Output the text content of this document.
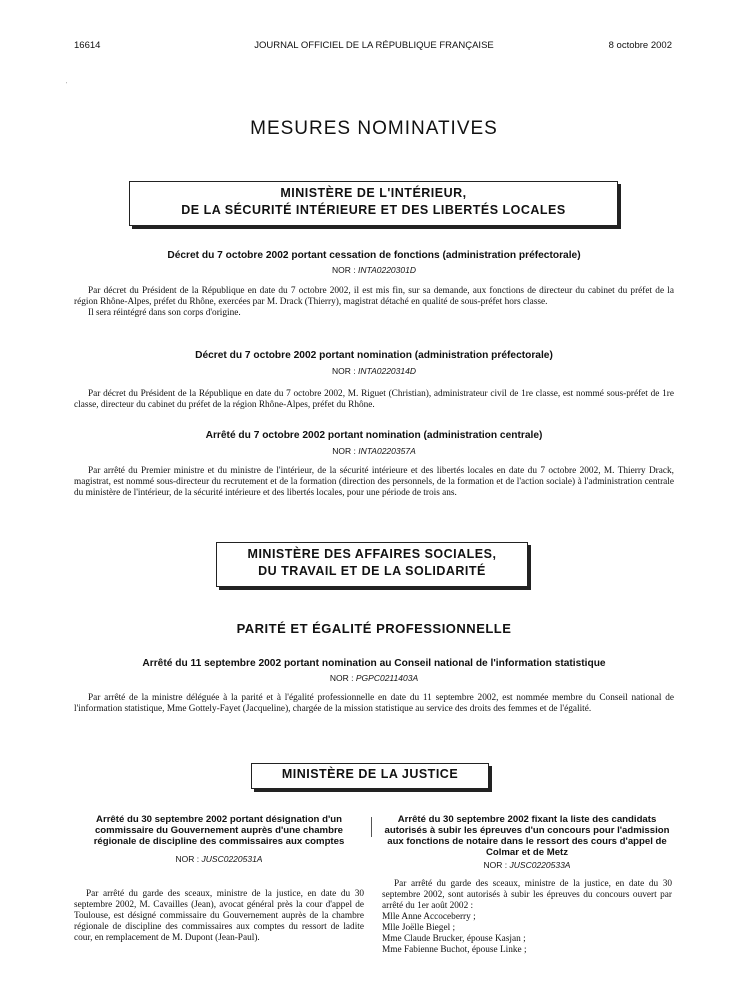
16614	JOURNAL OFFICIEL DE LA RÉPUBLIQUE FRANÇAISE	8 octobre 2002
'
MESURES NOMINATIVES
MINISTÈRE DE L'INTÉRIEUR,
DE LA SÉCURITÉ INTÉRIEURE ET DES LIBERTÉS LOCALES
Décret du 7 octobre 2002 portant cessation de fonctions (administration préfectorale)
NOR : INTA0220301D

Par décret du Président de la République en date du 7 octobre 2002, il est mis fin, sur sa demande, aux fonctions de directeur du cabinet du préfet de la région Rhône-Alpes, préfet du Rhône, exercées par M. Drack (Thierry), magistrat détaché en qualité de sous-préfet hors classe.

Il sera réintégré dans son corps d'origine.

Décret du 7 octobre 2002 portant nomination (administration préfectorale)
NOR : INTA0220314D

Par décret du Président de la République en date du 7 octobre 2002, M. Riguet (Christian), administrateur civil de 1re classe, est nommé sous-préfet de 1re classe, directeur du cabinet du préfet de la région Rhône-Alpes, préfet du Rhône.

Arrêté du 7 octobre 2002 portant nomination (administration centrale)
NOR : INTA0220357A

Par arrêté du Premier ministre et du ministre de l'intérieur, de la sécurité intérieure et des libertés locales en date du 7 octobre 2002, M. Thierry Drack, magistrat, est nommé sous-directeur du recrutement et de la formation (direction des personnels, de la formation et de l'action sociale) à l'administration centrale du ministère de l'intérieur, de la sécurité intérieure et des libertés locales, pour une période de trois ans.

MINISTÈRE DES AFFAIRES SOCIALES,
DU TRAVAIL ET DE LA SOLIDARITÉ
PARITÉ ET ÉGALITÉ PROFESSIONNELLE
Arrêté du 11 septembre 2002 portant nomination au Conseil national de l'information statistique
NOR : PGPC0211403A

Par arrêté de la ministre déléguée à la parité et à l'égalité professionnelle en date du 11 septembre 2002, est nommée membre du Conseil national de l'information statistique, Mme Gottely-Fayet (Jacqueline), chargée de la mission statistique au service des droits des femmes et de l'égalité.

MINISTÈRE DE LA JUSTICE
Arrêté du 30 septembre 2002 portant désignation d'un commissaire du Gouvernement auprès d'une chambre régionale de discipline des commissaires aux comptes
NOR : JUSC0220531A

Par arrêté du garde des sceaux, ministre de la justice, en date du 30 septembre 2002, M. Cavailles (Jean), avocat général près la cour d'appel de Toulouse, est désigné commissaire du Gouvernement auprès de la chambre régionale de discipline des commissaires aux comptes du ressort de ladite cour, en remplacement de M. Dupont (Jean-Paul).

Arrêté du 30 septembre 2002 fixant la liste des candidats autorisés à subir les épreuves d'un concours pour l'admission aux fonctions de notaire dans le ressort des cours d'appel de Colmar et de Metz
NOR : JUSC0220533A

Par arrêté du garde des sceaux, ministre de la justice, en date du 30 septembre 2002, sont autorisés à subir les épreuves du concours ouvert par arrêté du 1er août 2002 :

Mlle Anne Accoceberry ;
Mlle Joëlle Biegel ;
Mme Claude Brucker, épouse Kasjan ;
Mme Fabienne Buchot, épouse Linke ;
